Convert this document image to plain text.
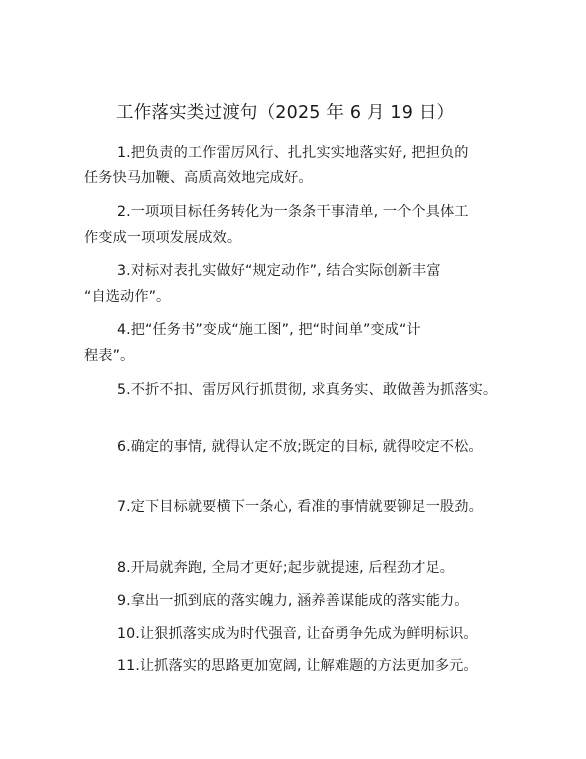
工作落实类过渡句（2025 年 6 月 19 日）
1.把负责的工作雷厉风行、扎扎实实地落实好, 把担负的
任务快马加鞭、高质高效地完成好。
2.一项项目标任务转化为一条条干事清单, 一个个具体工
作变成一项项发展成效。
3.对标对表扎实做好“规定动作”, 结合实际创新丰富
“自选动作”。
4.把“任务书”变成“施工图”, 把“时间单”变成“计
程表”。
5.不折不扣、雷厉风行抓贯彻, 求真务实、敢做善为抓落实。
6.确定的事情, 就得认定不放;既定的目标, 就得咬定不松。
7.定下目标就要横下一条心, 看准的事情就要铆足一股劲。
8.开局就奔跑, 全局才更好;起步就提速, 后程劲才足。
9.拿出一抓到底的落实魄力, 涵养善谋能成的落实能力。
10.让狠抓落实成为时代强音, 让奋勇争先成为鲜明标识。
11.让抓落实的思路更加宽阔, 让解难题的方法更加多元。
